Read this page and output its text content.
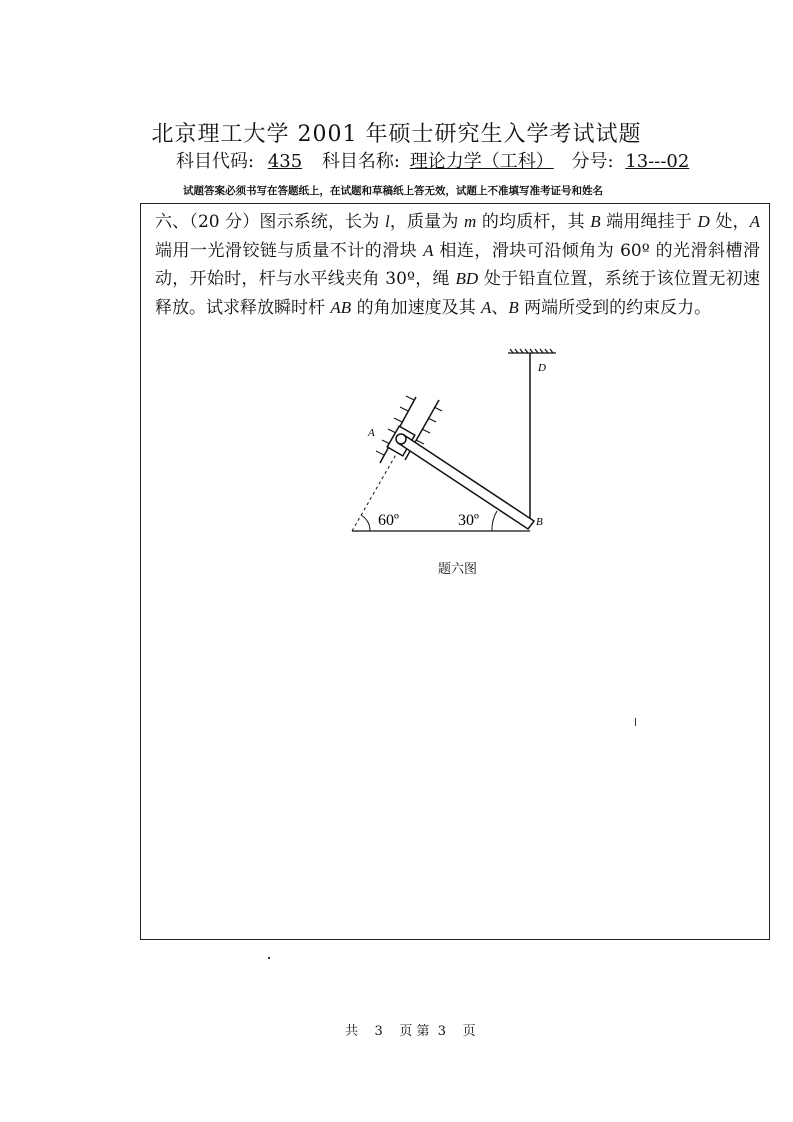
北京理工大学 2001 年硕士研究生入学考试试题
科目代码: 435 科目名称: 理论力学（工科） 分号: 13---02
试题答案必须书写在答题纸上，在试题和草稿纸上答无效，试题上不准填写准考证号和姓名
六、（20 分）图示系统，长为 l，质量为 m 的均质杆，其 B 端用绳挂于 D 处，A 端用一光滑铰链与质量不计的滑块 A 相连，滑块可沿倾角为 60º 的光滑斜槽滑动，开始时，杆与水平线夹角 30º，绳 BD 处于铅直位置，系统于该位置无初速释放。试求释放瞬时杆 AB 的角加速度及其 A、B 两端所受到的约束反力。
A
B
D
60º	30º
题六图
共 3 页 第 3 页
